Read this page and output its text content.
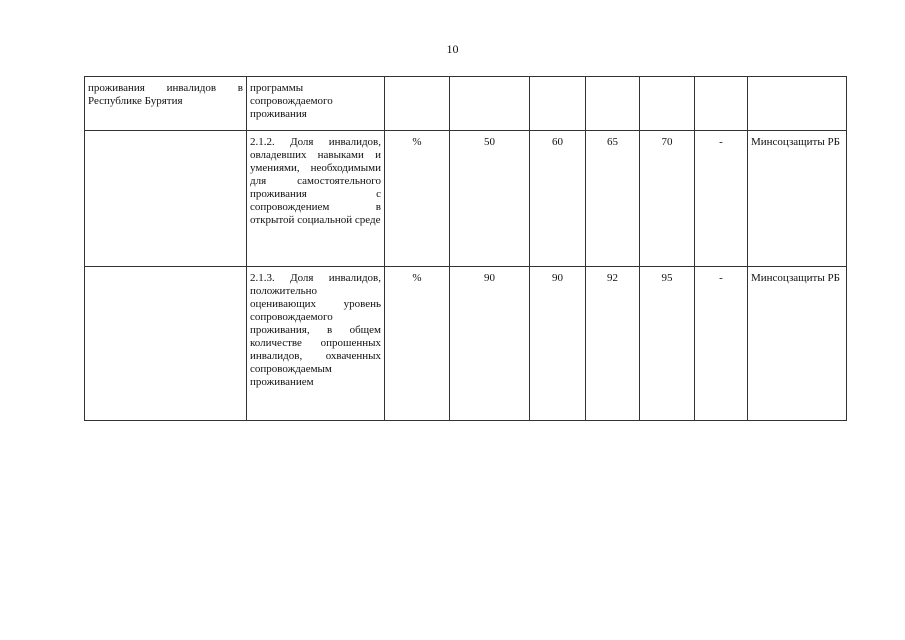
10
проживания инвалидов в Республике Бурятия	программы сопровождаемого проживания							
	2.1.2. Доля инвалидов, овладевших навыками и умениями, необходимыми для самостоятельного проживания с сопровождением в открытой социальной среде	%	50	60	65	70	-	Минсоцзащиты РБ
	2.1.3. Доля инвалидов, положительно оценивающих уровень сопровождаемого проживания, в общем количестве опрошенных инвалидов, охваченных сопровождаемым проживанием	%	90	90	92	95	-	Минсоцзащиты РБ
